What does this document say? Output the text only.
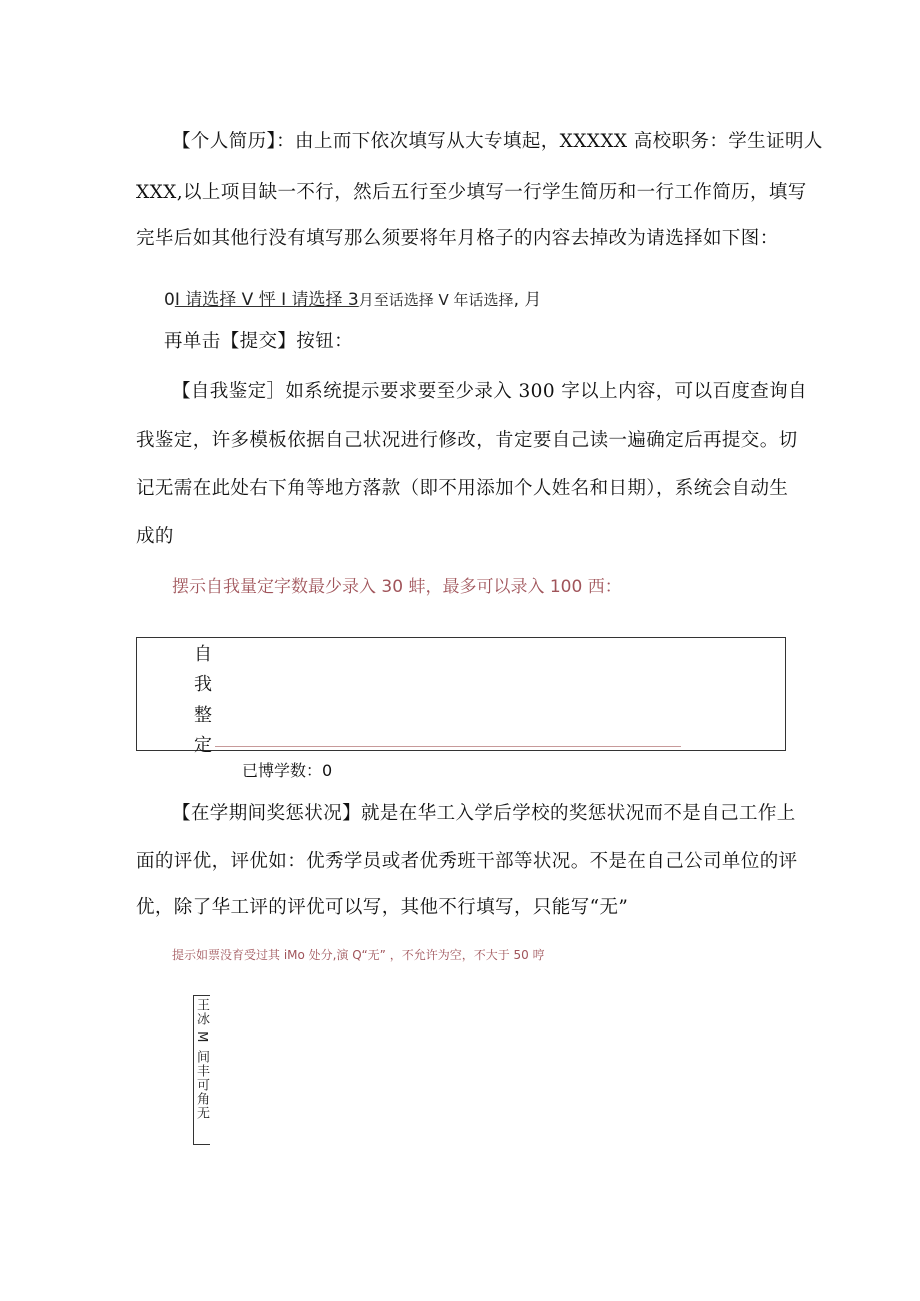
【个人简历】：由上而下依次填写从大专填起，XXXXX 高校职务：学生证明人
XXX,以上项目缺一不行，然后五行至少填写一行学生简历和一行工作简历，填写
完毕后如其他行没有填写那么须要将年月格子的内容去掉改为请选择如下图：
0I 请选择 V 怦 I 请选择 3月至话选择 V 年话选择, 月
再单击【提交】按钮：
【自我鉴定］如系统提示要求要至少录入 300 字以上内容，可以百度查询自
我鉴定，许多模板依据自己状况进行修改，肯定要自己读一遍确定后再提交。切
记无需在此处右下角等地方落款（即不用添加个人姓名和日期），系统会自动生
成的
摆示自我量定字数最少录入 30 蚌，最多可以录入 100 西：
自
我
整
定
已博学数：0
【在学期间奖惩状况】就是在华工入学后学校的奖惩状况而不是自己工作上
面的评优，评优如：优秀学员或者优秀班干部等状况。不是在自己公司单位的评
优，除了华工评的评优可以写，其他不行填写，只能写“无”
提示如票没育受过其 iMo 处分,演 Q“无” ，不允许为空，不大于 50 哼
王冰 M
间丰可角无
